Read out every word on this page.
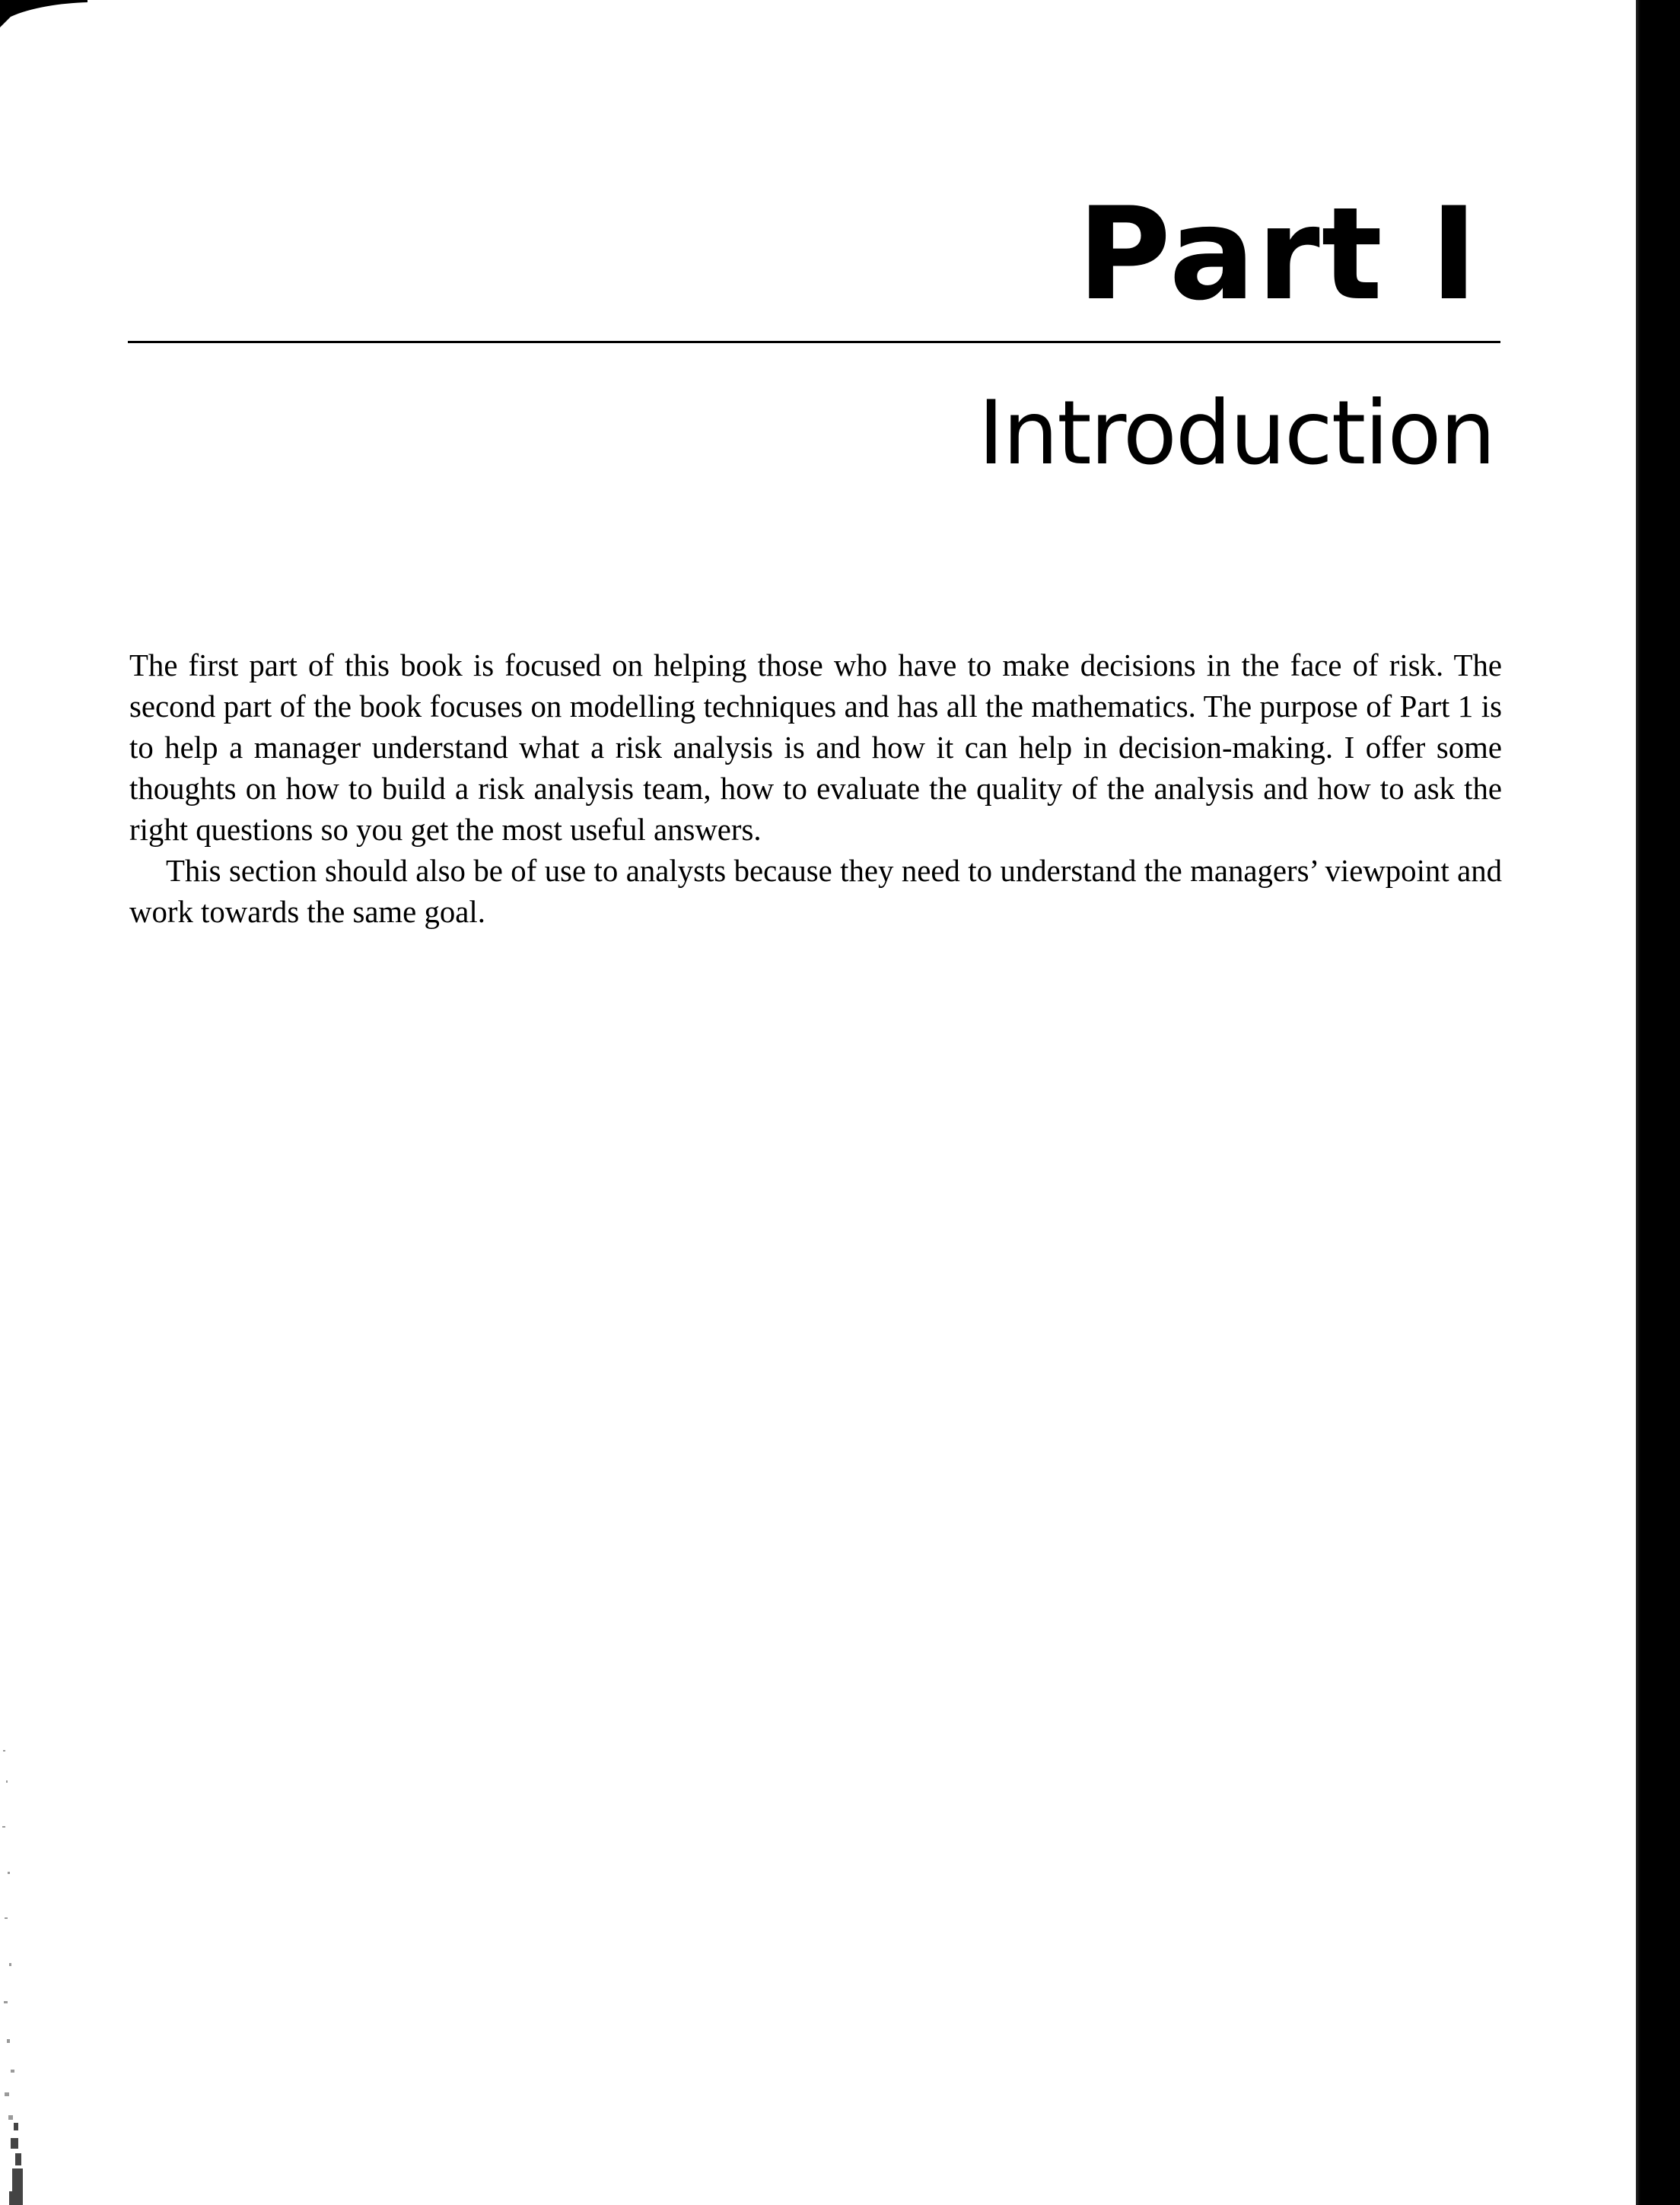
Part I
Introduction

The first part of this book is focused on helping those who have to make decisions in the face of risk. The second part of the book focuses on modelling techniques and has all the mathematics. The purpose of Part 1 is to help a manager understand what a risk analysis is and how it can help in decision-making. I offer some thoughts on how to build a risk analysis team, how to evaluate the quality of the analysis and how to ask the right questions so you get the most useful answers.

This section should also be of use to analysts because they need to understand the managers’ viewpoint and work towards the same goal.
